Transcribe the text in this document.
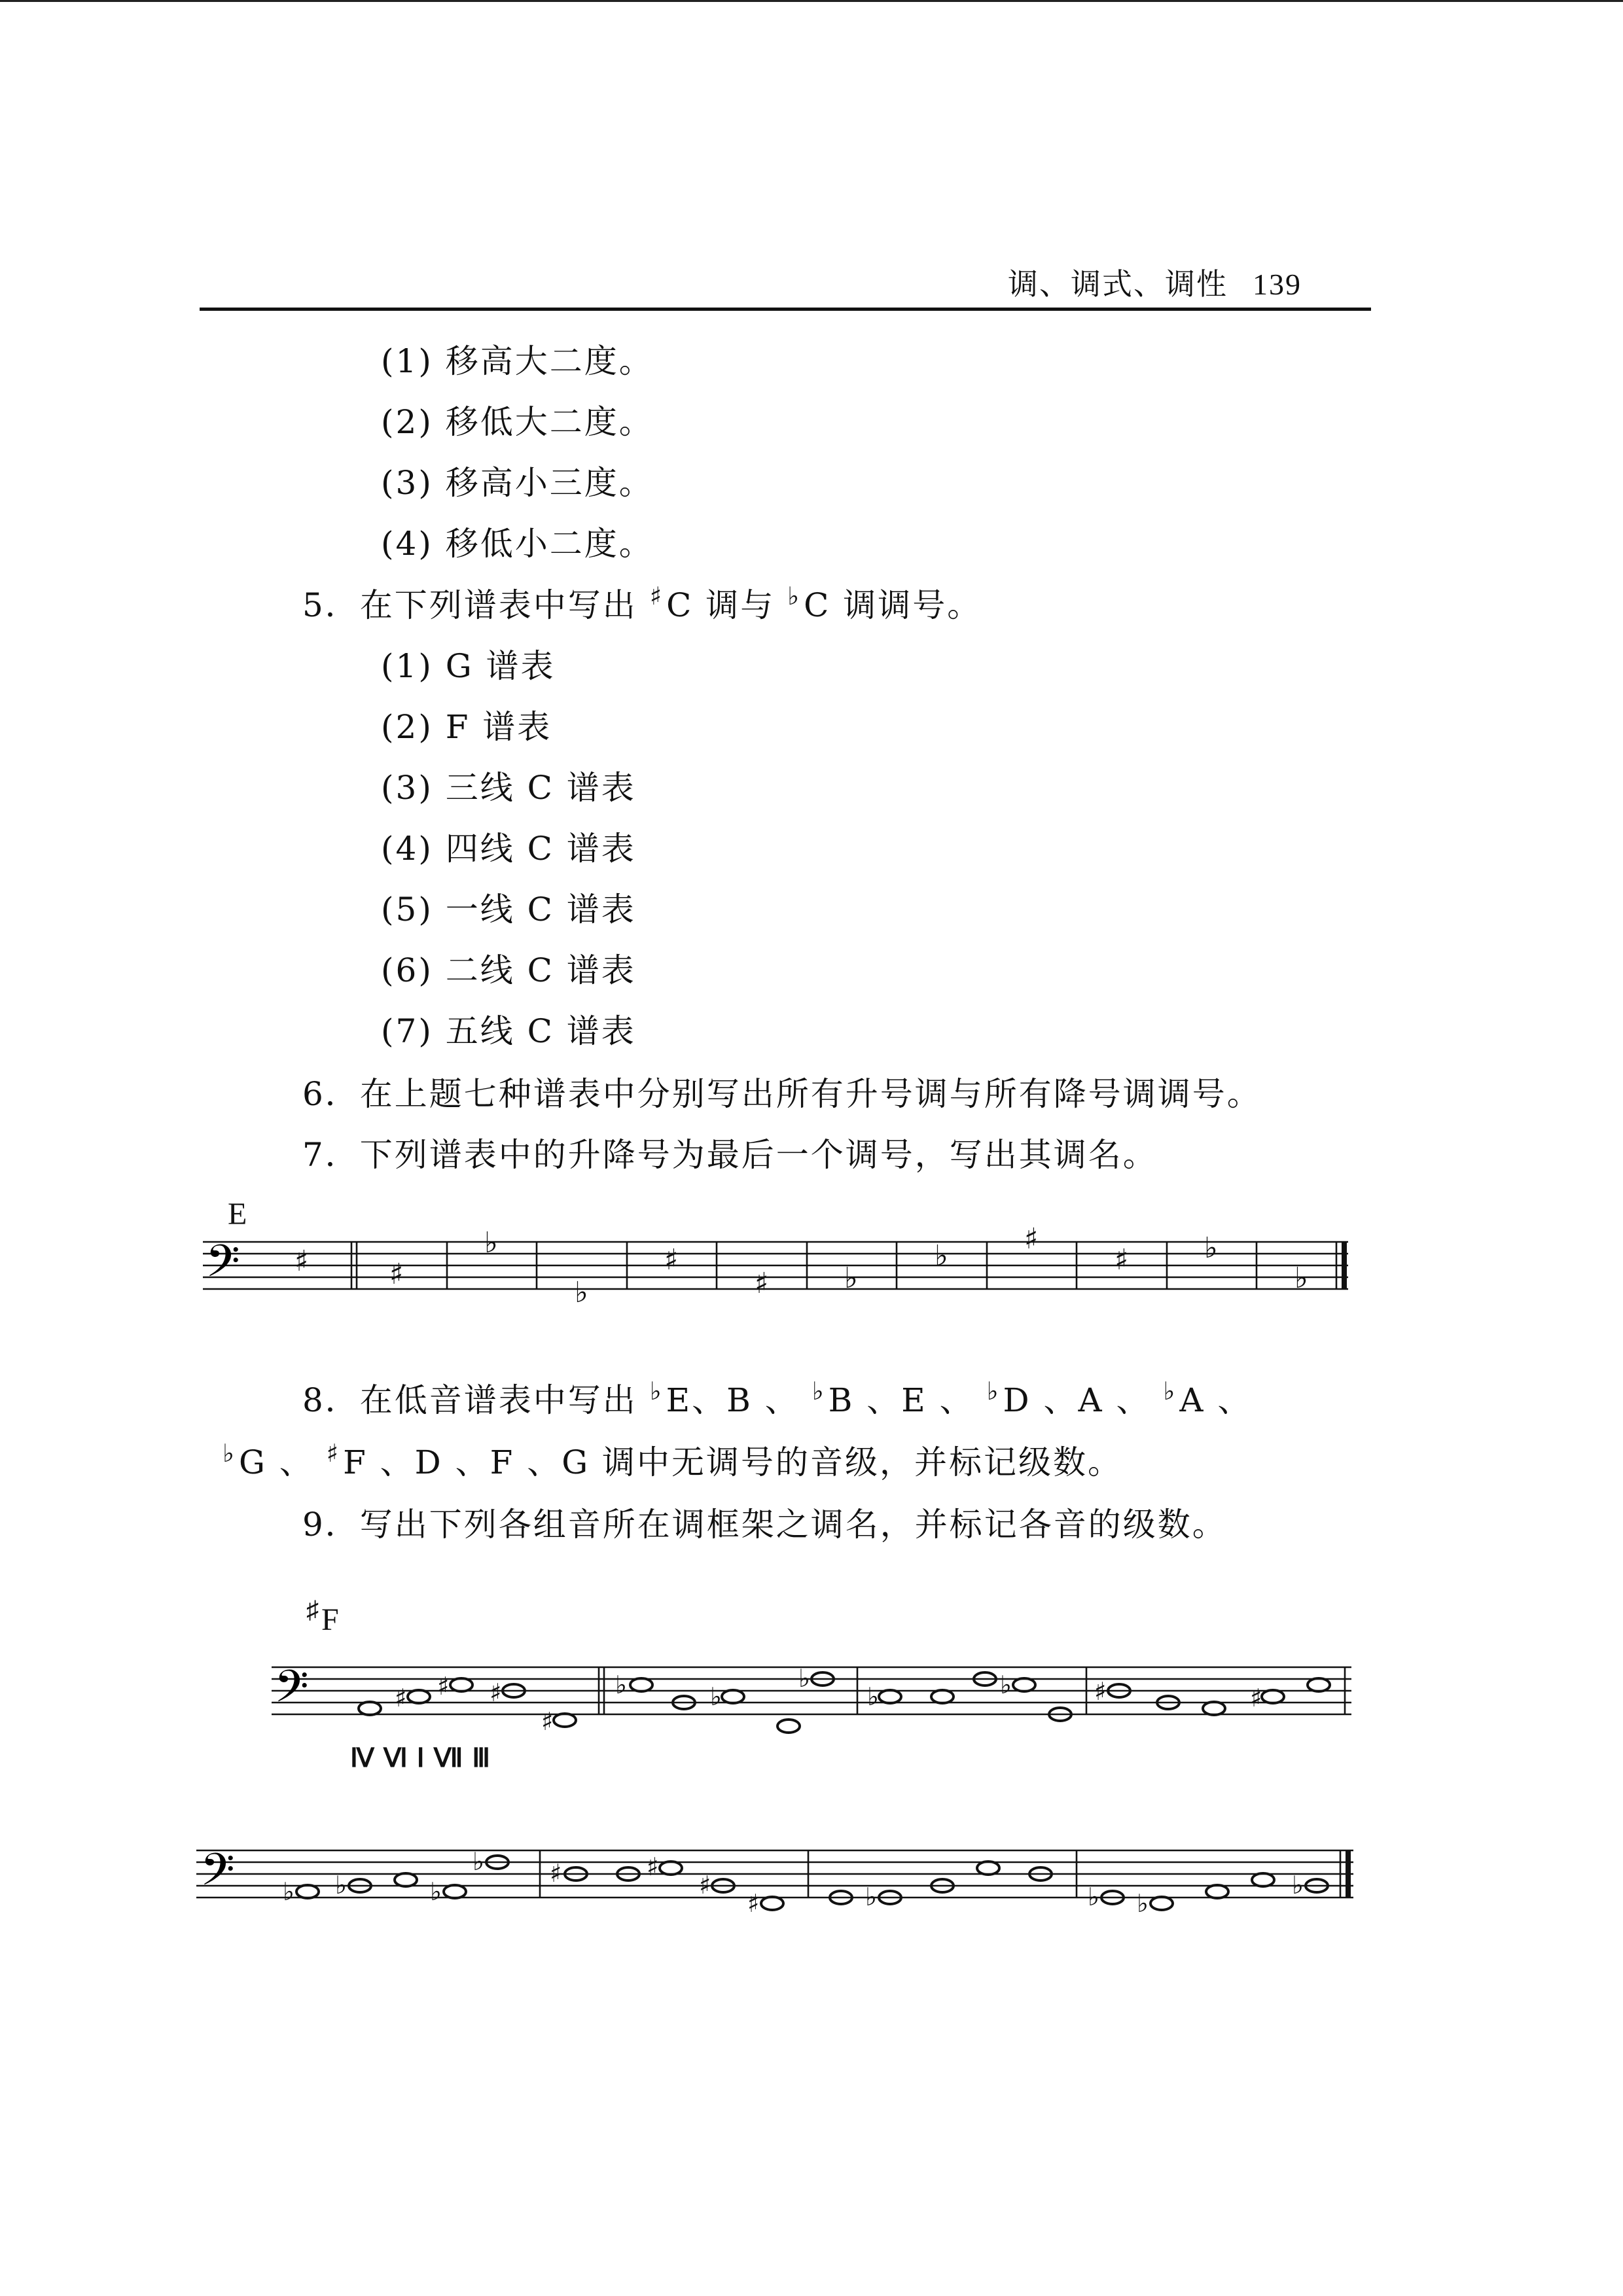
调、调式、调性 139
(1) 移高大二度。
(2) 移低大二度。
(3) 移高小三度。
(4) 移低小二度。
5．在下列谱表中写出 ♯C 调与 ♭C 调调号。
(1) G 谱表
(2) F 谱表
(3) 三线 C 谱表
(4) 四线 C 谱表
(5) 一线 C 谱表
(6) 二线 C 谱表
(7) 五线 C 谱表
6．在上题七种谱表中分别写出所有升号调与所有降号调调号。
7．下列谱表中的升降号为最后一个调号，写出其调名。
E
𝄢 ♯	♯
♭
♭
♯
♯	♭
♭
♯
♯	♭
♭
8．在低音谱表中写出 ♭E、B 、 ♭B 、E 、 ♭D 、A 、 ♭A 、
♭G 、 ♯F 、D 、F 、G 调中无调号的音级，并标记级数。
9．写出下列各组音所在调框架之调名，并标记各音的级数。
♯F
𝄢	♯ ♯ ♯
♯
♭	♭
♭
♭	♭	♯	♯
Ⅳ Ⅵ Ⅰ Ⅶ Ⅲ
𝄢 ♭ ♭	♭
♭	♯	♯
♯
♯	♭	♭ ♭
♭
